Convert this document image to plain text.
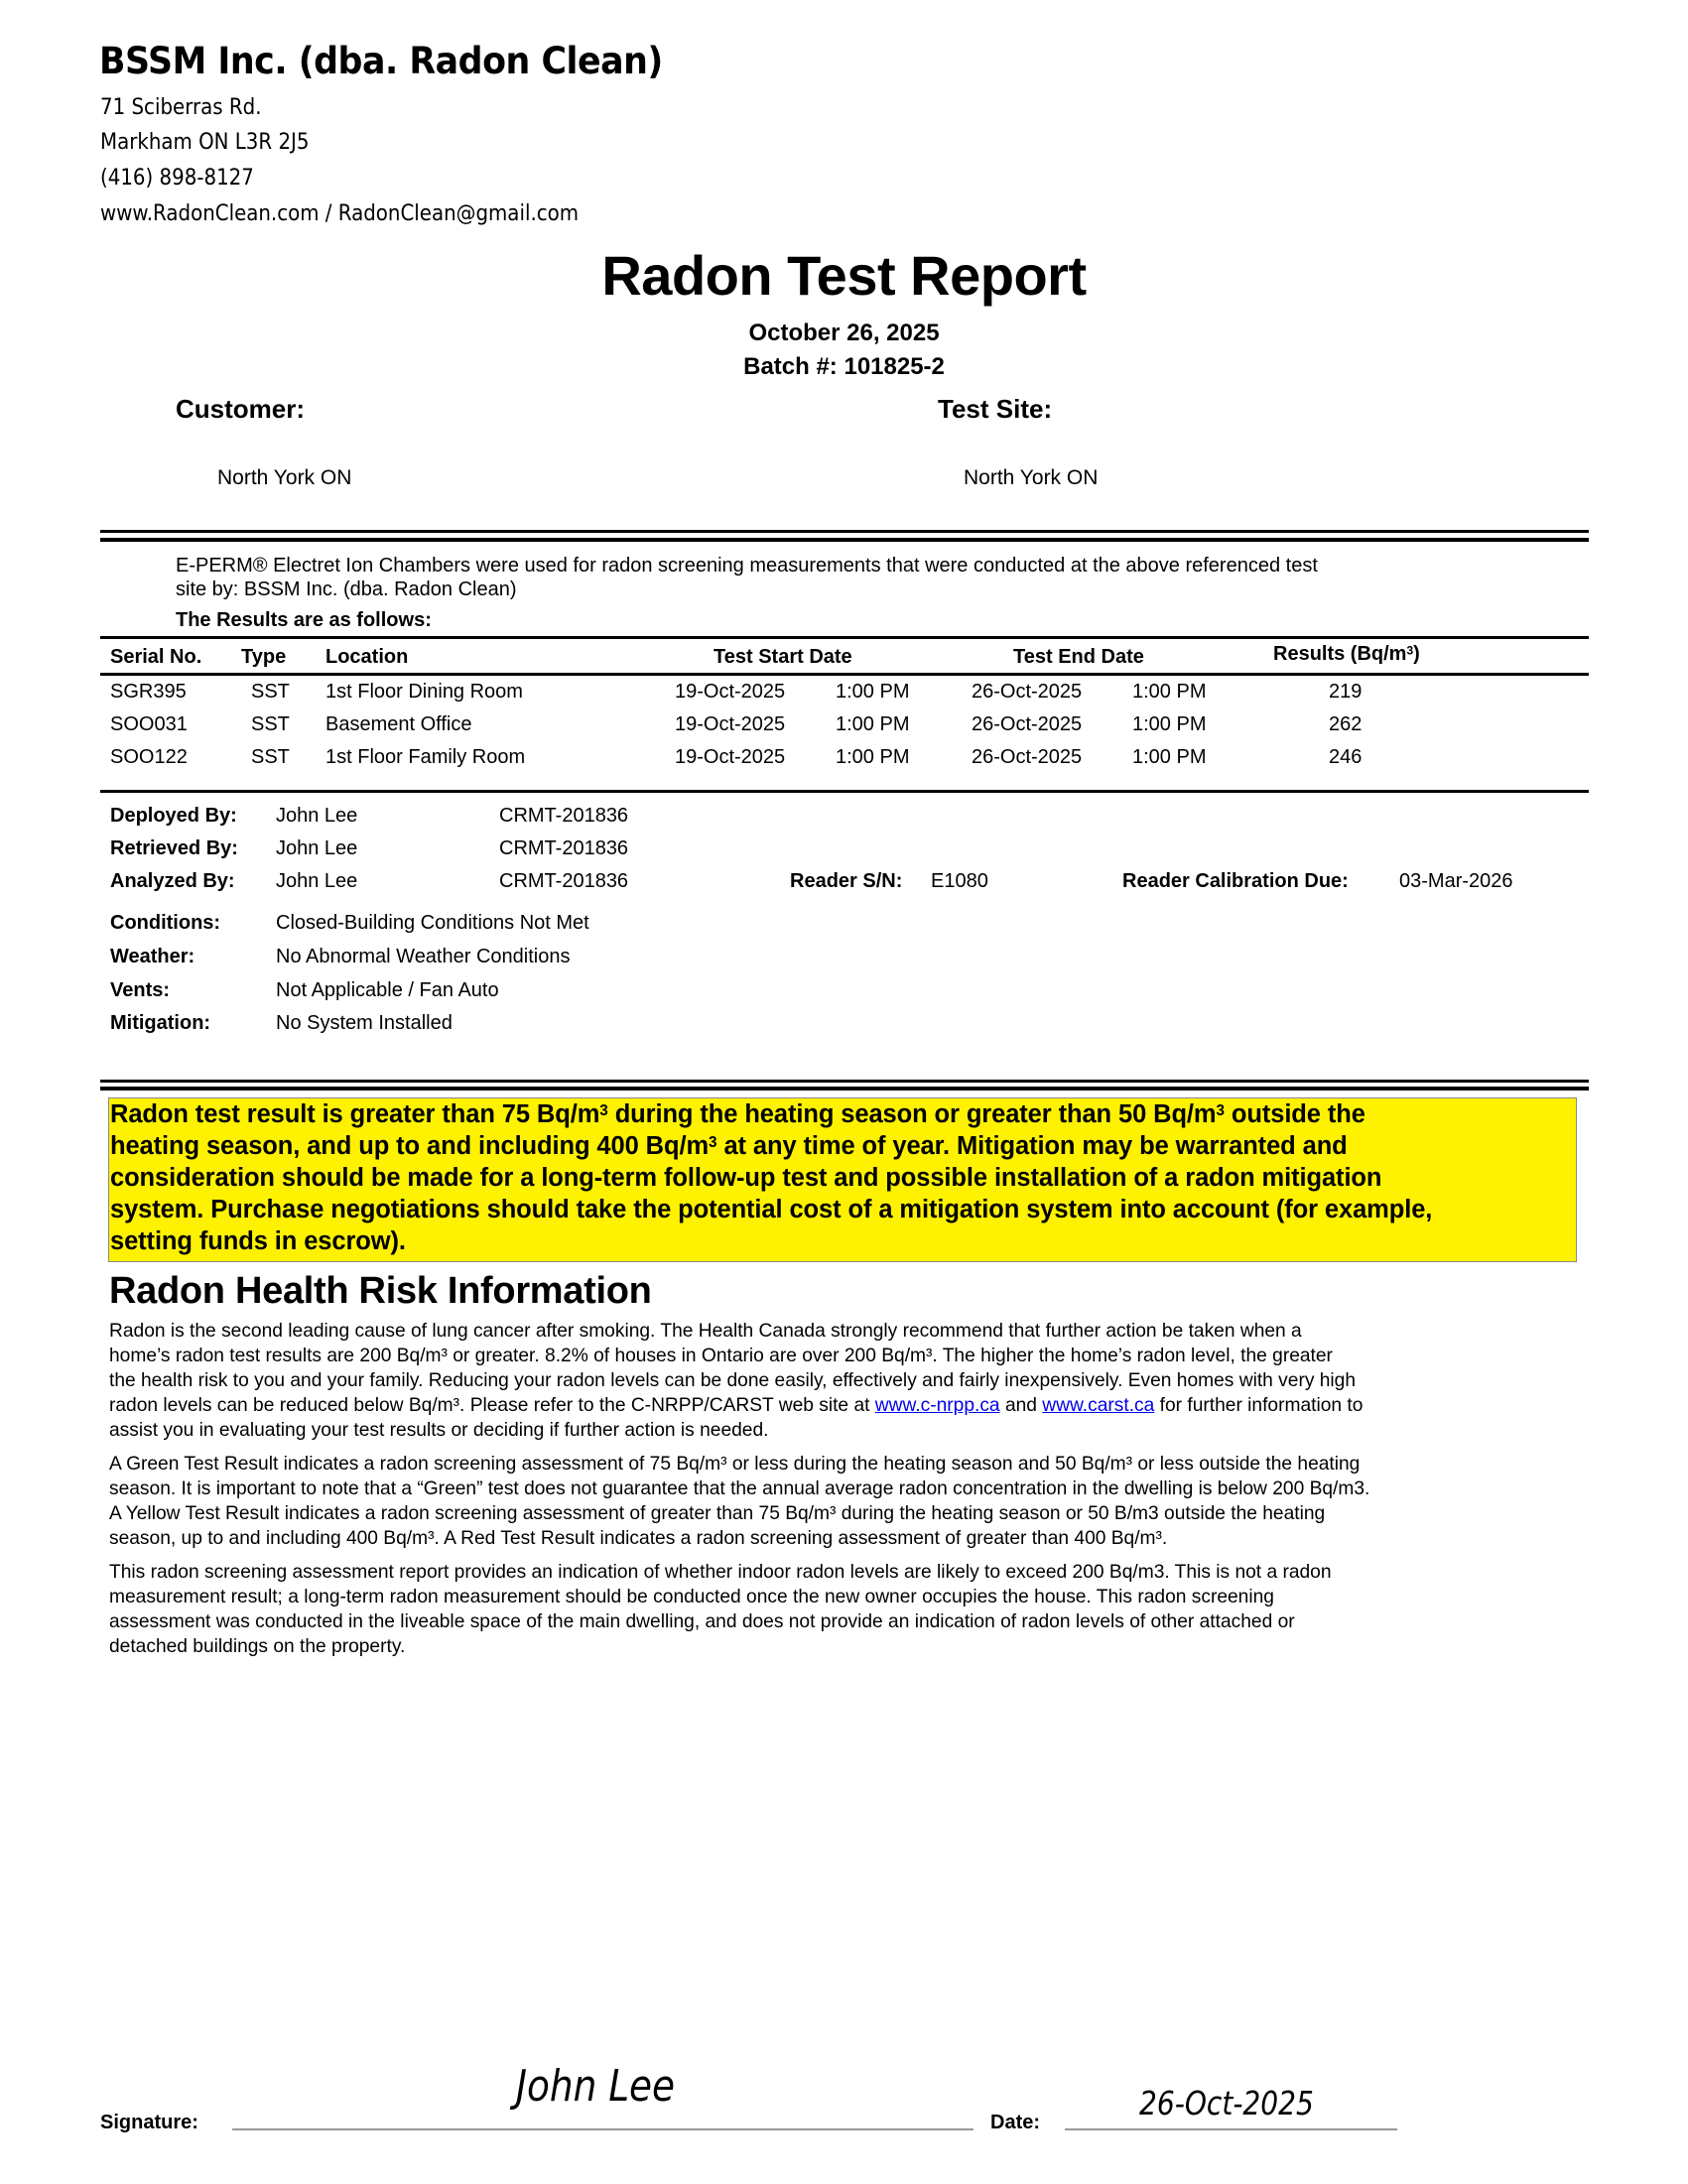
BSSM Inc. (dba. Radon Clean)
71 Sciberras Rd.
Markham ON L3R 2J5
(416) 898-8127
www.RadonClean.com / RadonClean@gmail.com
Radon Test Report
October 26, 2025
Batch #: 101825-2
Customer:	Test Site:
North York ON	North York ON
E-PERM® Electret Ion Chambers were used for radon screening measurements that were conducted at the above referenced test
site by: BSSM Inc. (dba. Radon Clean)
The Results are as follows:
Serial No. Type Location	Test Start Date	Test End Date	Results $(Bq/m^3)$
SGR395	SST 1st Floor Dining Room	19-Oct-2025	1:00 PM	26-Oct-2025	1:00 PM	219
SOO031	SST Basement Office	19-Oct-2025	1:00 PM	26-Oct-2025	1:00 PM	262
SOO122	SST 1st Floor Family Room	19-Oct-2025	1:00 PM	26-Oct-2025	1:00 PM	246
Deployed By: John Lee	CRMT-201836
Retrieved By: John Lee	CRMT-201836
Analyzed By: John Lee	CRMT-201836	Reader S/N: E1080	Reader Calibration Due:	03-Mar-2026
Conditions:	Closed-Building Conditions Not Met
Weather:	No Abnormal Weather Conditions
Vents:	Not Applicable / Fan Auto
Mitigation:	No System Installed
Radon test result is greater than 75 $Bq/m^3$ during the heating season or greater than 50 $Bq/m^3$ outside the
heating season, and up to and including 400 $Bq/m^3$ at any time of year. Mitigation may be warranted and
consideration should be made for a long-term follow-up test and possible installation of a radon mitigation
system. Purchase negotiations should take the potential cost of a mitigation system into account (for example,
setting funds in escrow).
Radon Health Risk Information
Radon is the second leading cause of lung cancer after smoking. The Health Canada strongly recommend that further action be taken when a
home’s radon test results are 200 Bq/m³ or greater. 8.2% of houses in Ontario are over 200 Bq/m³. The higher the home’s radon level, the greater
the health risk to you and your family. Reducing your radon levels can be done easily, effectively and fairly inexpensively. Even homes with very high
radon levels can be reduced below Bq/m³. Please refer to the C-NRPP/CARST web site at www.c-nrpp.ca and www.carst.ca for further information to
assist you in evaluating your test results or deciding if further action is needed.
A Green Test Result indicates a radon screening assessment of 75 Bq/m³ or less during the heating season and 50 Bq/m³ or less outside the heating
season. It is important to note that a “Green” test does not guarantee that the annual average radon concentration in the dwelling is below 200 Bq/m3.
A Yellow Test Result indicates a radon screening assessment of greater than 75 Bq/m³ during the heating season or 50 B/m3 outside the heating
season, up to and including 400 Bq/m³. A Red Test Result indicates a radon screening assessment of greater than 400 Bq/m³.
This radon screening assessment report provides an indication of whether indoor radon levels are likely to exceed 200 Bq/m3. This is not a radon
measurement result; a long-term radon measurement should be conducted once the new owner occupies the house. This radon screening
assessment was conducted in the liveable space of the main dwelling, and does not provide an indication of radon levels of other attached or
detached buildings on the property.
Signature:
John Lee
Date:	26-Oct-2025
